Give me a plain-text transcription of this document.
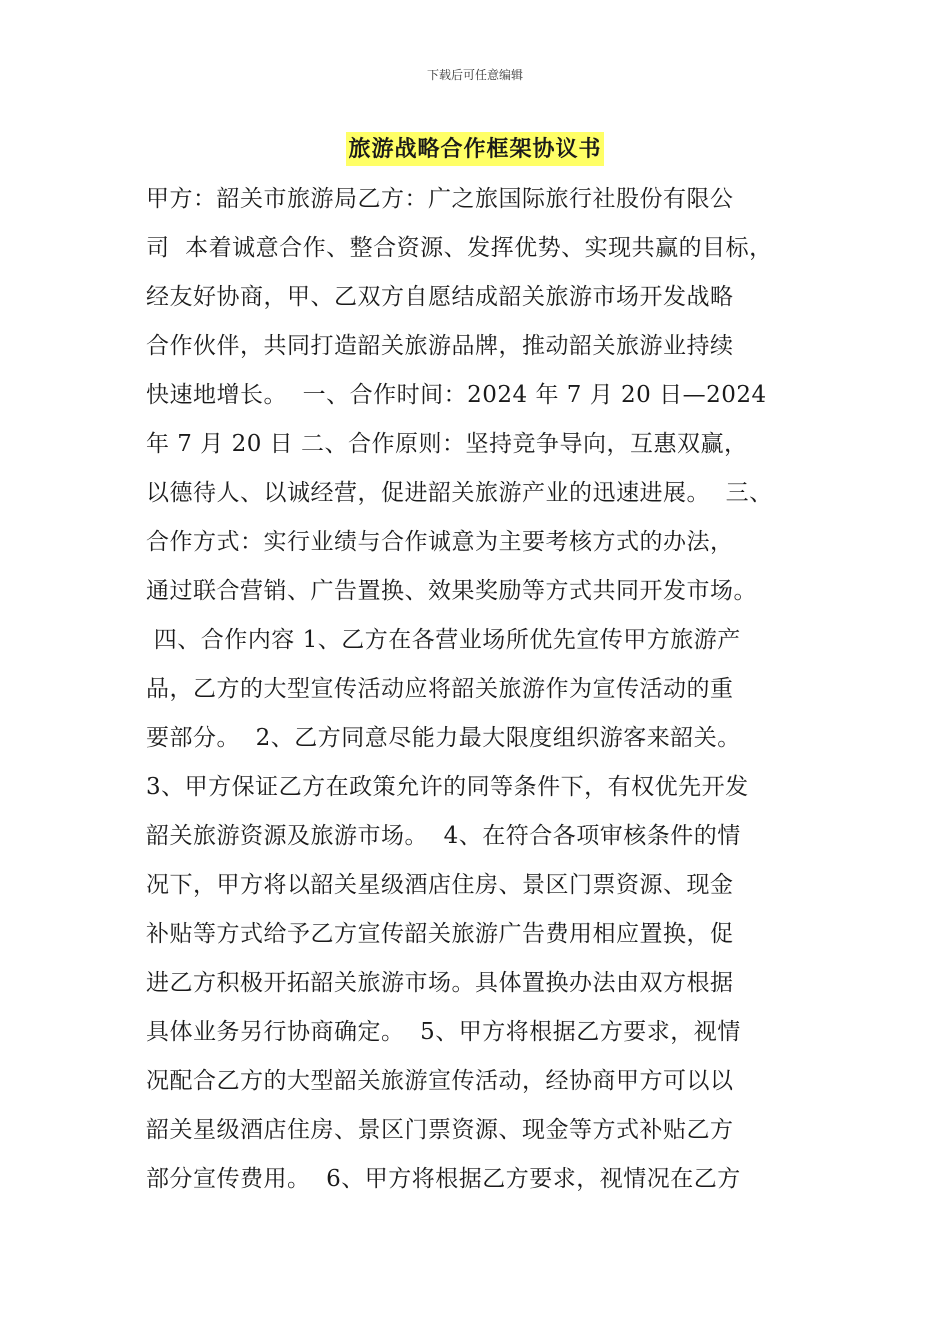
下载后可任意编辑
旅游战略合作框架协议书
甲方：韶关市旅游局乙方：广之旅国际旅行社股份有限公
司  本着诚意合作、整合资源、发挥优势、实现共赢的目标，
经友好协商，甲、乙双方自愿结成韶关旅游市场开发战略
合作伙伴，共同打造韶关旅游品牌，推动韶关旅游业持续
快速地增长。  一、合作时间：2024 年 7 月 20 日—2024
年 7 月 20 日 二、合作原则：坚持竞争导向，互惠双赢，
以德待人、以诚经营，促进韶关旅游产业的迅速进展。  三、
合作方式：实行业绩与合作诚意为主要考核方式的办法，
通过联合营销、广告置换、效果奖励等方式共同开发市场。
四、合作内容 1、乙方在各营业场所优先宣传甲方旅游产
品，乙方的大型宣传活动应将韶关旅游作为宣传活动的重
要部分。  2、乙方同意尽能力最大限度组织游客来韶关。
3、甲方保证乙方在政策允许的同等条件下，有权优先开发
韶关旅游资源及旅游市场。  4、在符合各项审核条件的情
况下，甲方将以韶关星级酒店住房、景区门票资源、现金
补贴等方式给予乙方宣传韶关旅游广告费用相应置换，促
进乙方积极开拓韶关旅游市场。具体置换办法由双方根据
具体业务另行协商确定。  5、甲方将根据乙方要求，视情
况配合乙方的大型韶关旅游宣传活动，经协商甲方可以以
韶关星级酒店住房、景区门票资源、现金等方式补贴乙方
部分宣传费用。  6、甲方将根据乙方要求，视情况在乙方
